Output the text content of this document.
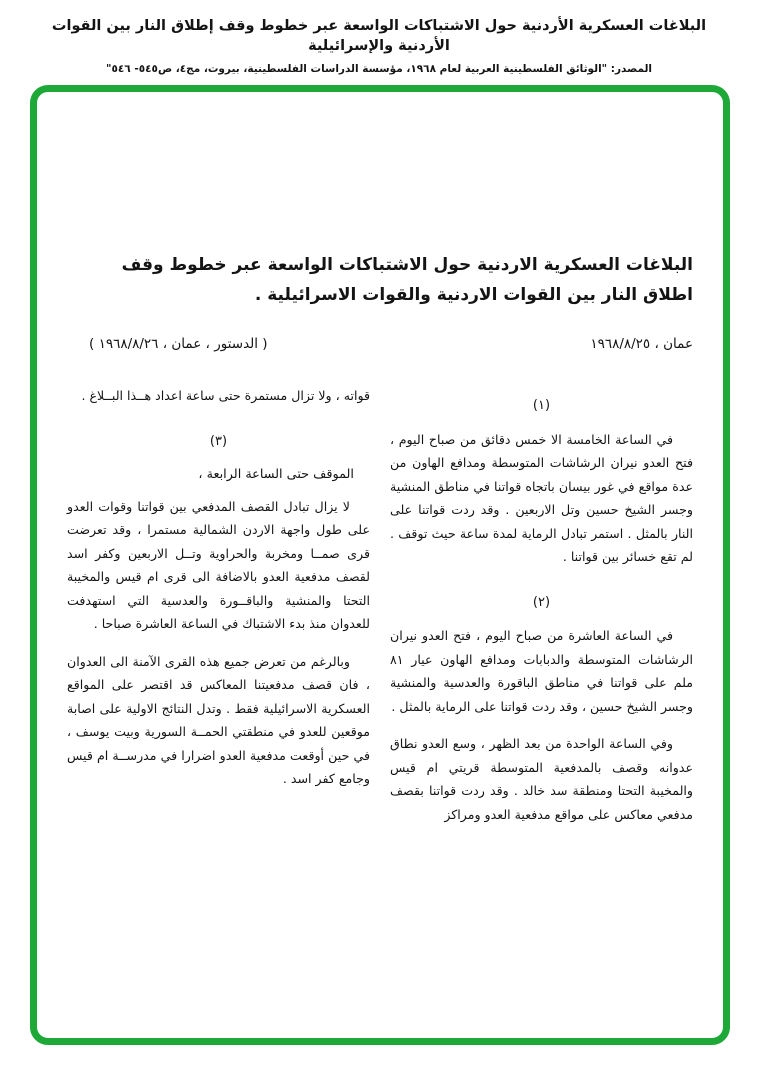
البلاغات العسكرية الأردنية حول الاشتباكات الواسعة عبر خطوط وقف إطلاق النار بين القوات الأردنية والإسرائيلية
المصدر: "الوثائق الفلسطينية العربية لعام ١٩٦٨، مؤسسة الدراسات الفلسطينية، بيروت، مج٤، ص٥٤٥- ٥٤٦"
البلاغات العسكرية الاردنية حول الاشتباكات الواسعة عبر خطوط وقف اطلاق النار بين القوات الاردنية والقوات الاسرائيلية .
عمان ، ١٩٦٨/٨/٢٥
( الدستور ، عمان ، ١٩٦٨/٨/٢٦ )
(١)

في الساعة الخامسة الا خمس دقائق من صباح اليوم ، فتح العدو نيران الرشاشات المتوسطة ومدافع الهاون من عدة مواقع في غور بيسان باتجاه قواتنا في مناطق المنشية وجسر الشيخ حسين وتل الاربعين . وقد ردت قواتنا على النار بالمثل . استمر تبادل الرماية لمدة ساعة حيث توقف . لم تقع خسائر بين قواتنا .

(٢)

في الساعة العاشرة من صباح اليوم ، فتح العدو نيران الرشاشات المتوسطة والدبابات ومدافع الهاون عيار ٨١ ملم على قواتنا في مناطق الباقورة والعدسية والمنشية وجسر الشيخ حسين ، وقد ردت قواتنا على الرماية بالمثل .

وفي الساعة الواحدة من بعد الظهر ، وسع العدو نطاق عدوانه وقصف بالمدفعية المتوسطة قريتي ام قيس والمخيبة التحتا ومنطقة سد خالد . وقد ردت قواتنا بقصف مدفعي معاكس على مواقع مدفعية العدو ومراكز

قواته ، ولا تزال مستمرة حتى ساعة اعداد هــذا البــلاغ .

(٣)
الموقف حتى الساعة الرابعة ،

لا يزال تبادل القصف المدفعي بين قواتنا وقوات العدو على طول واجهة الاردن الشمالية مستمرا ، وقد تعرضت قرى صمــا ومخربة والحراوية وتــل الاربعين وكفر اسد لقصف مدفعية العدو بالاضافة الى قرى ام قيس والمخيبة التحتا والمنشية والباقــورة والعدسية التي استهدفت للعدوان منذ بدء الاشتباك في الساعة العاشرة صباحا .

وبالرغم من تعرض جميع هذه القرى الآمنة الى العدوان ، فان قصف مدفعيتنا المعاكس قد اقتصر على المواقع العسكرية الاسرائيلية فقط . وتدل النتائج الاولية على اصابة موقعين للعدو في منطقتي الحمــة السورية وبيت يوسف ، في حين أوقعت مدفعية العدو اضرارا في مدرســة ام قيس وجامع كفر اسد .
